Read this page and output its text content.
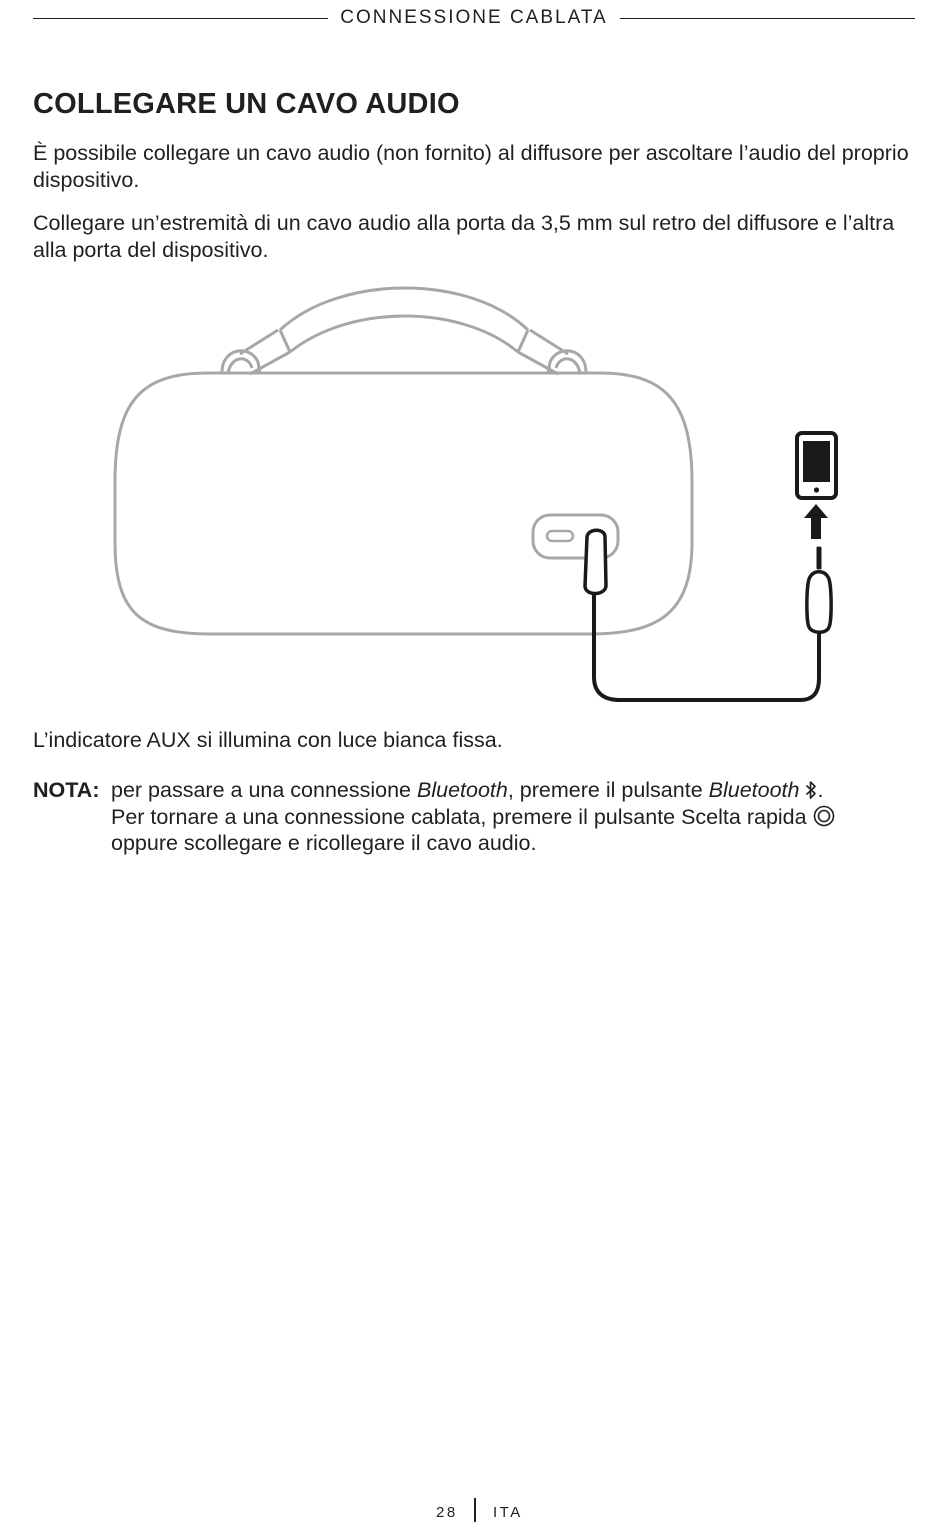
CONNESSIONE CABLATA
COLLEGARE UN CAVO AUDIO

È possibile collegare un cavo audio (non fornito) al diffusore per ascoltare l’audio del proprio dispositivo.

Collegare un’estremità di un cavo audio alla porta da 3,5 mm sul retro del diffusore e l’altra alla porta del dispositivo.

L’indicatore AUX si illumina con luce bianca fissa.

NOTA: per passare a una connessione Bluetooth, premere il pulsante Bluetooth .
Per tornare a una connessione cablata, premere il pulsante Scelta rapida
oppure scollegare e ricollegare il cavo audio.
28 ITA
